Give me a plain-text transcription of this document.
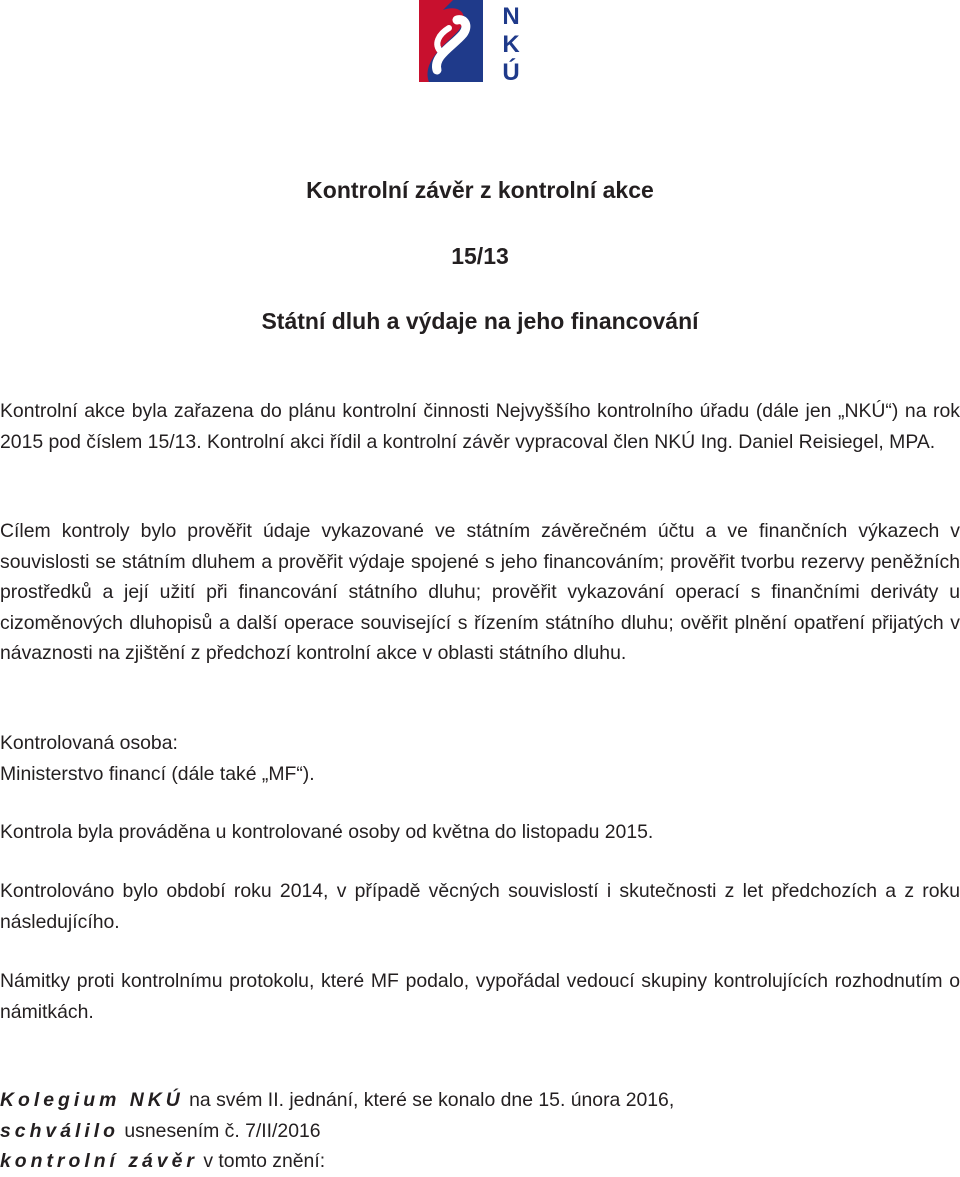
N
K
Ú

Kontrolní závěr z kontrolní akce

15/13

Státní dluh a výdaje na jeho financování

Kontrolní akce byla zařazena do plánu kontrolní činnosti Nejvyššího kontrolního úřadu (dále jen „NKÚ“) na rok 2015 pod číslem 15/13. Kontrolní akci řídil a kontrolní závěr vypracoval člen NKÚ Ing. Daniel Reisiegel, MPA.

Cílem kontroly bylo prověřit údaje vykazované ve státním závěrečném účtu a ve finančních výkazech v souvislosti se státním dluhem a prověřit výdaje spojené s jeho financováním; prověřit tvorbu rezervy peněžních prostředků a její užití při financování státního dluhu; prověřit vykazování operací s finančními deriváty u cizoměnových dluhopisů a další operace související s řízením státního dluhu; ověřit plnění opatření přijatých v návaznosti na zjištění z předchozí kontrolní akce v oblasti státního dluhu.

Kontrolovaná osoba:
Ministerstvo financí (dále také „MF“).

Kontrola byla prováděna u kontrolované osoby od května do listopadu 2015.

Kontrolováno bylo období roku 2014, v případě věcných souvislostí i skutečnosti z let předchozích a z roku následujícího.

Námitky proti kontrolnímu protokolu, které MF podalo, vypořádal vedoucí skupiny kontrolujících rozhodnutím o námitkách.

Kolegium NKÚ na svém II. jednání, které se konalo dne 15. února 2016,
schválilo usnesením č. 7/II/2016
kontrolní závěr v tomto znění:
